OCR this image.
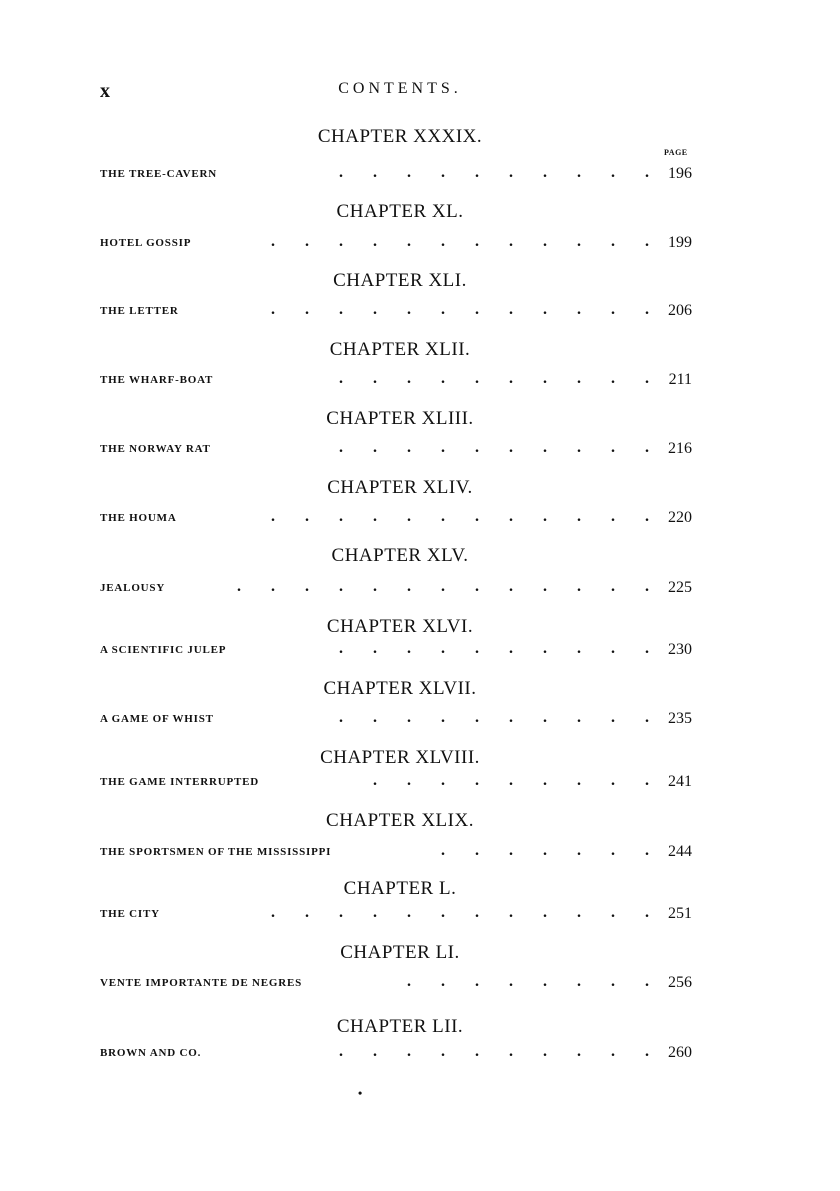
x	CONTENTS.
PAGE
CHAPTER XXXIX.
THE TREE-CAVERN	. . . . . . . . . . 196
CHAPTER XL.
HOTEL GOSSIP	. . . . . . . . . . . . 199
CHAPTER XLI.
THE LETTER	. . . . . . . . . . . . 206
CHAPTER XLII.
THE WHARF-BOAT	. . . . . . . . . . 211
CHAPTER XLIII.
THE NORWAY RAT	. . . . . . . . . . 216
CHAPTER XLIV.
THE HOUMA	. . . . . . . . . . . . 220
CHAPTER XLV.
JEALOUSY	. . . . . . . . . . . . . 225
CHAPTER XLVI.
A SCIENTIFIC JULEP	. . . . . . . . . . 230
CHAPTER XLVII.
A GAME OF WHIST	. . . . . . . . . . 235
CHAPTER XLVIII.
THE GAME INTERRUPTED	. . . . . . . . . 241
CHAPTER XLIX.
THE SPORTSMEN OF THE MISSISSIPPI	. . . . . . . 244
CHAPTER L.
THE CITY	. . . . . . . . . . . . 251
CHAPTER LI.
VENTE IMPORTANTE DE NEGRES	. . . . . . . . 256
CHAPTER LII.
BROWN AND CO.	. . . . . . . . . . 260
•
